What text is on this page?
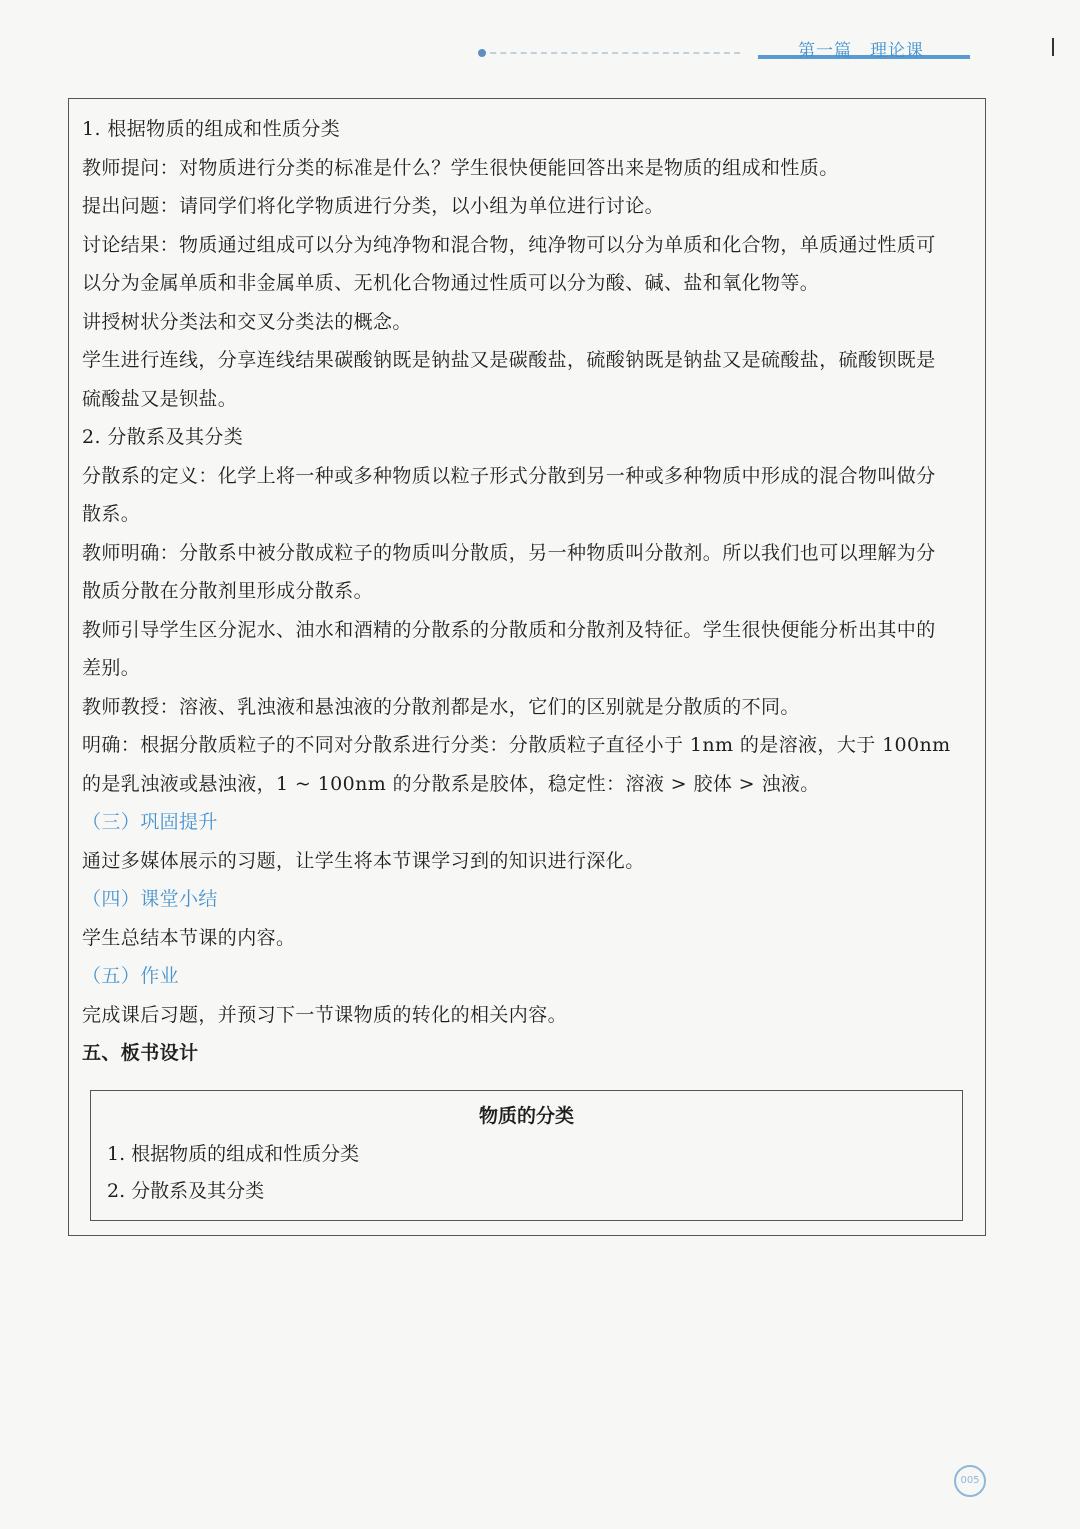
第一篇 理论课
1. 根据物质的组成和性质分类
教师提问：对物质进行分类的标准是什么？学生很快便能回答出来是物质的组成和性质。
提出问题：请同学们将化学物质进行分类，以小组为单位进行讨论。
讨论结果：物质通过组成可以分为纯净物和混合物，纯净物可以分为单质和化合物，单质通过性质可
以分为金属单质和非金属单质、无机化合物通过性质可以分为酸、碱、盐和氧化物等。
讲授树状分类法和交叉分类法的概念。
学生进行连线，分享连线结果碳酸钠既是钠盐又是碳酸盐，硫酸钠既是钠盐又是硫酸盐，硫酸钡既是
硫酸盐又是钡盐。
2. 分散系及其分类
分散系的定义：化学上将一种或多种物质以粒子形式分散到另一种或多种物质中形成的混合物叫做分
散系。
教师明确：分散系中被分散成粒子的物质叫分散质，另一种物质叫分散剂。所以我们也可以理解为分
散质分散在分散剂里形成分散系。
教师引导学生区分泥水、油水和酒精的分散系的分散质和分散剂及特征。学生很快便能分析出其中的
差别。
教师教授：溶液、乳浊液和悬浊液的分散剂都是水，它们的区别就是分散质的不同。
明确：根据分散质粒子的不同对分散系进行分类：分散质粒子直径小于 1nm 的是溶液，大于 100nm
的是乳浊液或悬浊液，1 ~ 100nm 的分散系是胶体，稳定性：溶液 > 胶体 > 浊液。
（三）巩固提升
通过多媒体展示的习题，让学生将本节课学习到的知识进行深化。
（四）课堂小结
学生总结本节课的内容。
（五）作业
完成课后习题，并预习下一节课物质的转化的相关内容。
五、板书设计
物质的分类
1. 根据物质的组成和性质分类
2. 分散系及其分类
005
